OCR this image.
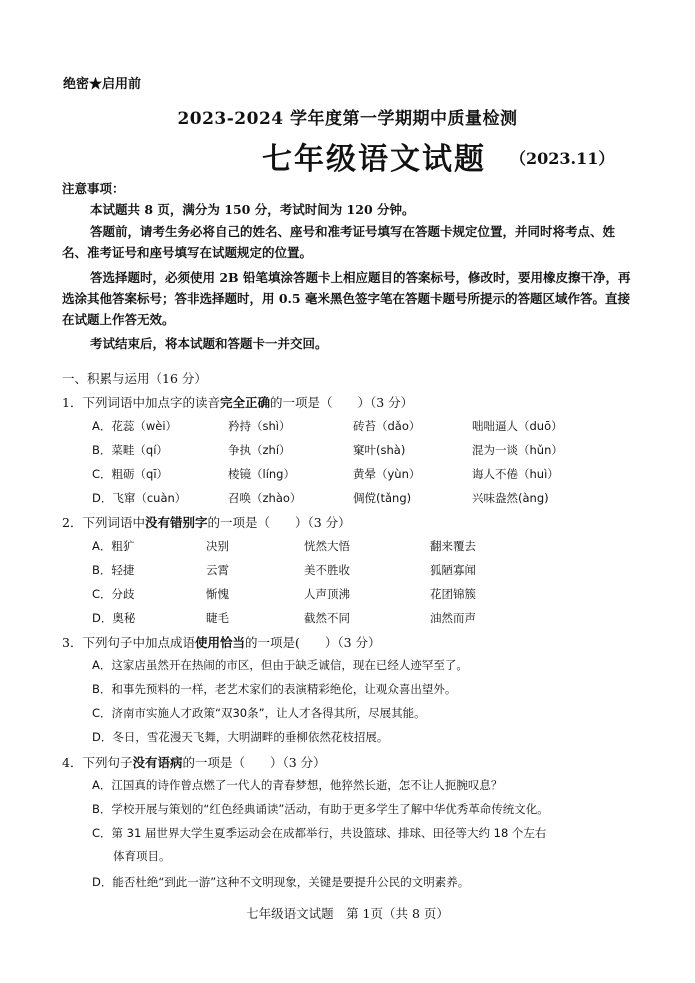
绝密★启用前
2023-2024 学年度第一学期期中质量检测
七年级语文试题 （2023.11）
注意事项：
本试题共 8 页，满分为 150 分，考试时间为 120 分钟。
答题前，请考生务必将自己的姓名、座号和准考证号填写在答题卡规定位置，并同时将考点、姓名、准考证号和座号填写在试题规定的位置。
答选择题时，必须使用 2B 铅笔填涂答题卡上相应题目的答案标号，修改时，要用橡皮擦干净，再选涂其他答案标号；答非选择题时，用 0.5 毫米黑色签字笔在答题卡题号所提示的答题区域作答。直接在试题上作答无效。
考试结束后，将本试题和答题卡一并交回。
一、积累与运用（16 分）
1．下列词语中加点字的读音完全正确的一项是（　　）（3 分）
A．花蕊（wèi）	矜持（shì）	砖苔（dǎo）	咄咄逼人（duō）
B．菜畦（qí）	争执（zhí）	窠叶(shà)	混为一谈（hǔn）
C．粗砺（qī）	棱镜（líng）	黄晕（yùn）	诲人不倦（huì）
D．飞窜（cuàn）	召唤（zhào）	倜傥(tǎng)	兴味盎然(àng)
2．下列词语中没有错别字的一项是（　　）（3 分）
A．粗犷	决别	恍然大悟	翻来覆去
B．轻捷	云霄	美不胜收	狐陋寡闻
C．分歧	惭愧	人声顶沸	花团锦簇
D．奥秘	睫毛	截然不同	油然而声
3．下列句子中加点成语使用恰当的一项是(　　）（3 分）
A．这家店虽然开在热闹的市区，但由于缺乏诚信，现在已经人迹罕至了。
B．和事先预料的一样，老艺术家们的表演精彩绝伦，让观众喜出望外。
C．济南市实施人才政策“双30条”，让人才各得其所，尽展其能。
D．冬日，雪花漫天飞舞，大明湖畔的垂柳依然花枝招展。
4．下列句子没有语病的一项是（　　）（3 分）
A．江国真的诗作曾点燃了一代人的青春梦想，他猝然长逝，怎不让人扼腕叹息？
B．学校开展与策划的“红色经典诵读”活动，有助于更多学生了解中华优秀革命传统文化。
C．第 31 届世界大学生夏季运动会在成都举行，共设篮球、排球、田径等大约 18 个左右
体育项目。
D．能否杜绝“到此一游”这种不文明现象，关键是要提升公民的文明素养。
七年级语文试题　第 1页（共 8 页）
